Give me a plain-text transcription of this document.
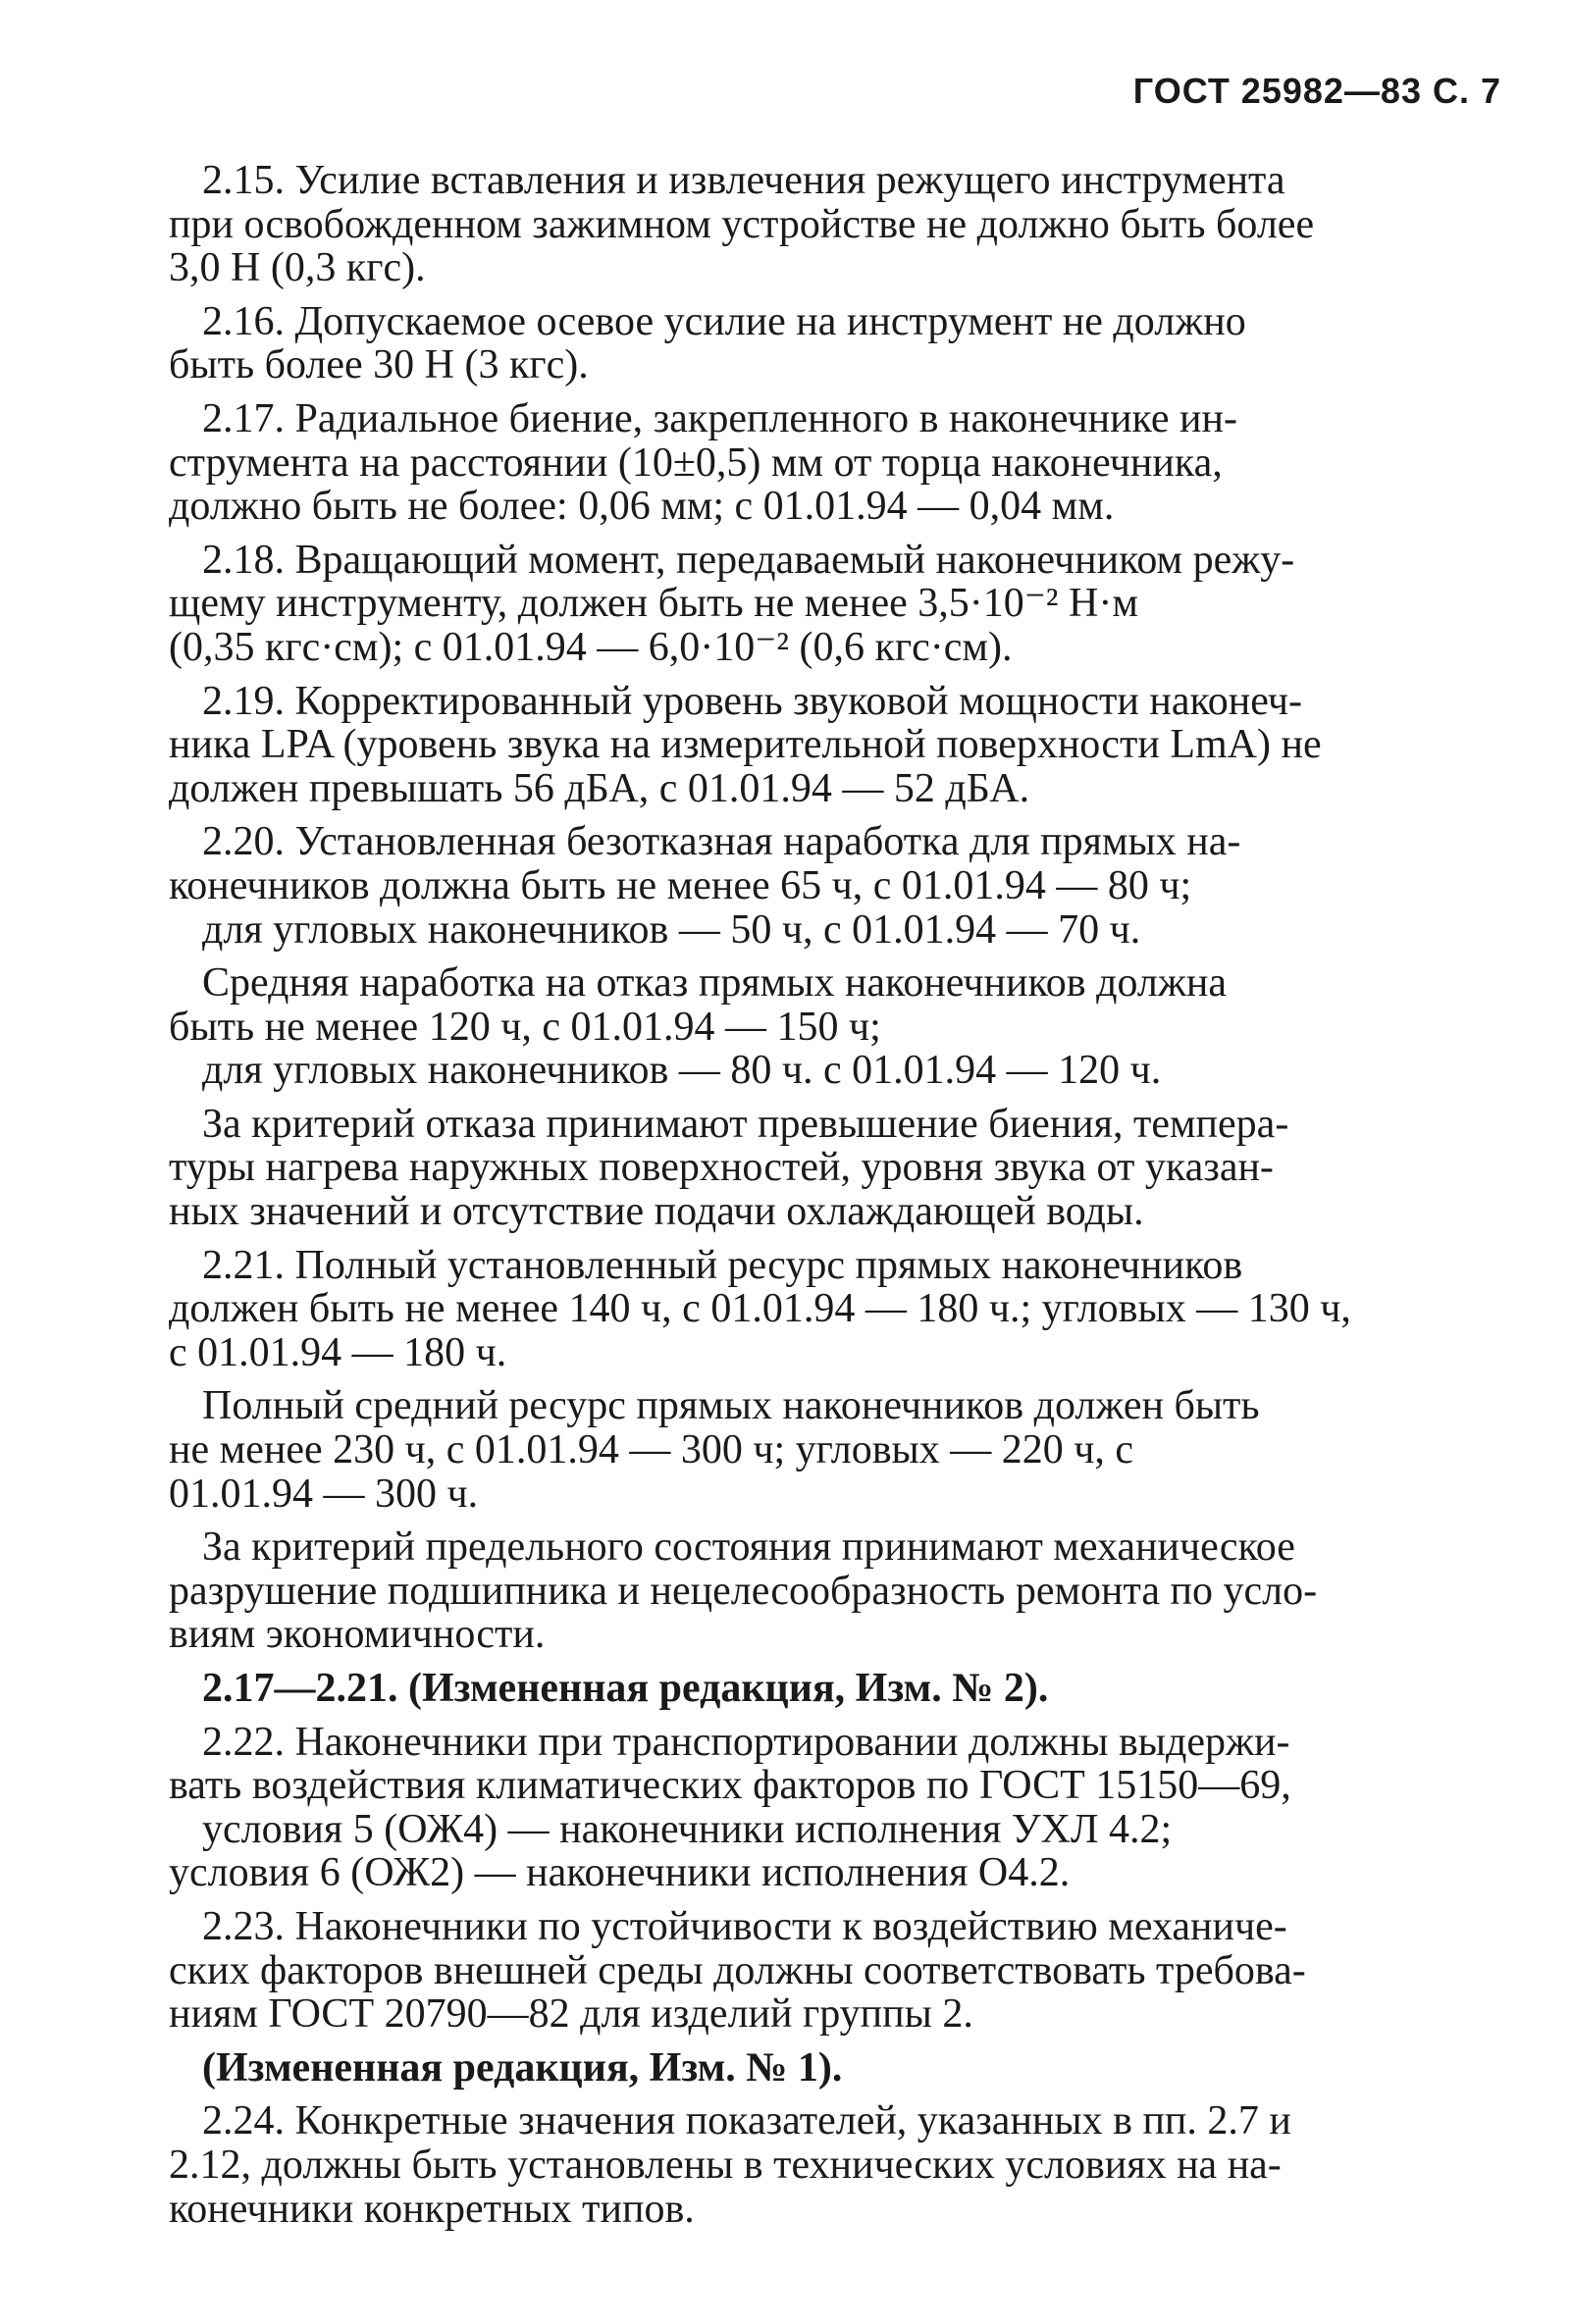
ГОСТ 25982—83 С. 7

2.15. Усилие вставления и извлечения режущего инструмента
при освобожденном зажимном устройстве не должно быть более
3,0 Н (0,3 кгс).

2.16. Допускаемое осевое усилие на инструмент не должно
быть более 30 Н (3 кгс).

2.17. Радиальное биение, закрепленного в наконечнике ин-
струмента на расстоянии (10±0,5) мм от торца наконечника,
должно быть не более: 0,06 мм; с 01.01.94 — 0,04 мм.

2.18. Вращающий момент, передаваемый наконечником режу-
щему инструменту, должен быть не менее 3,5·10⁻² Н·м
(0,35 кгс·см); с 01.01.94 — 6,0·10⁻² (0,6 кгс·см).

2.19. Корректированный уровень звуковой мощности наконеч-
ника LPA (уровень звука на измерительной поверхности LmA) не
должен превышать 56 дБА, с 01.01.94 — 52 дБА.

2.20. Установленная безотказная наработка для прямых на-
конечников должна быть не менее 65 ч, с 01.01.94 — 80 ч;

для угловых наконечников — 50 ч, с 01.01.94 — 70 ч.

Средняя наработка на отказ прямых наконечников должна
быть не менее 120 ч, с 01.01.94 — 150 ч;

для угловых наконечников — 80 ч. с 01.01.94 — 120 ч.

За критерий отказа принимают превышение биения, темпера-
туры нагрева наружных поверхностей, уровня звука от указан-
ных значений и отсутствие подачи охлаждающей воды.

2.21. Полный установленный ресурс прямых наконечников
должен быть не менее 140 ч, с 01.01.94 — 180 ч.; угловых — 130 ч,
с 01.01.94 — 180 ч.

Полный средний ресурс прямых наконечников должен быть
не менее 230 ч, с 01.01.94 — 300 ч; угловых — 220 ч, с
01.01.94 — 300 ч.

За критерий предельного состояния принимают механическое
разрушение подшипника и нецелесообразность ремонта по усло-
виям экономичности.

2.17—2.21. (Измененная редакция, Изм. № 2).

2.22. Наконечники при транспортировании должны выдержи-
вать воздействия климатических факторов по ГОСТ 15150—69,

условия 5 (ОЖ4) — наконечники исполнения УХЛ 4.2;
условия 6 (ОЖ2) — наконечники исполнения О4.2.

2.23. Наконечники по устойчивости к воздействию механиче-
ских факторов внешней среды должны соответствовать требова-
ниям ГОСТ 20790—82 для изделий группы 2.

(Измененная редакция, Изм. № 1).

2.24. Конкретные значения показателей, указанных в пп. 2.7 и
2.12, должны быть установлены в технических условиях на на-
конечники конкретных типов.
